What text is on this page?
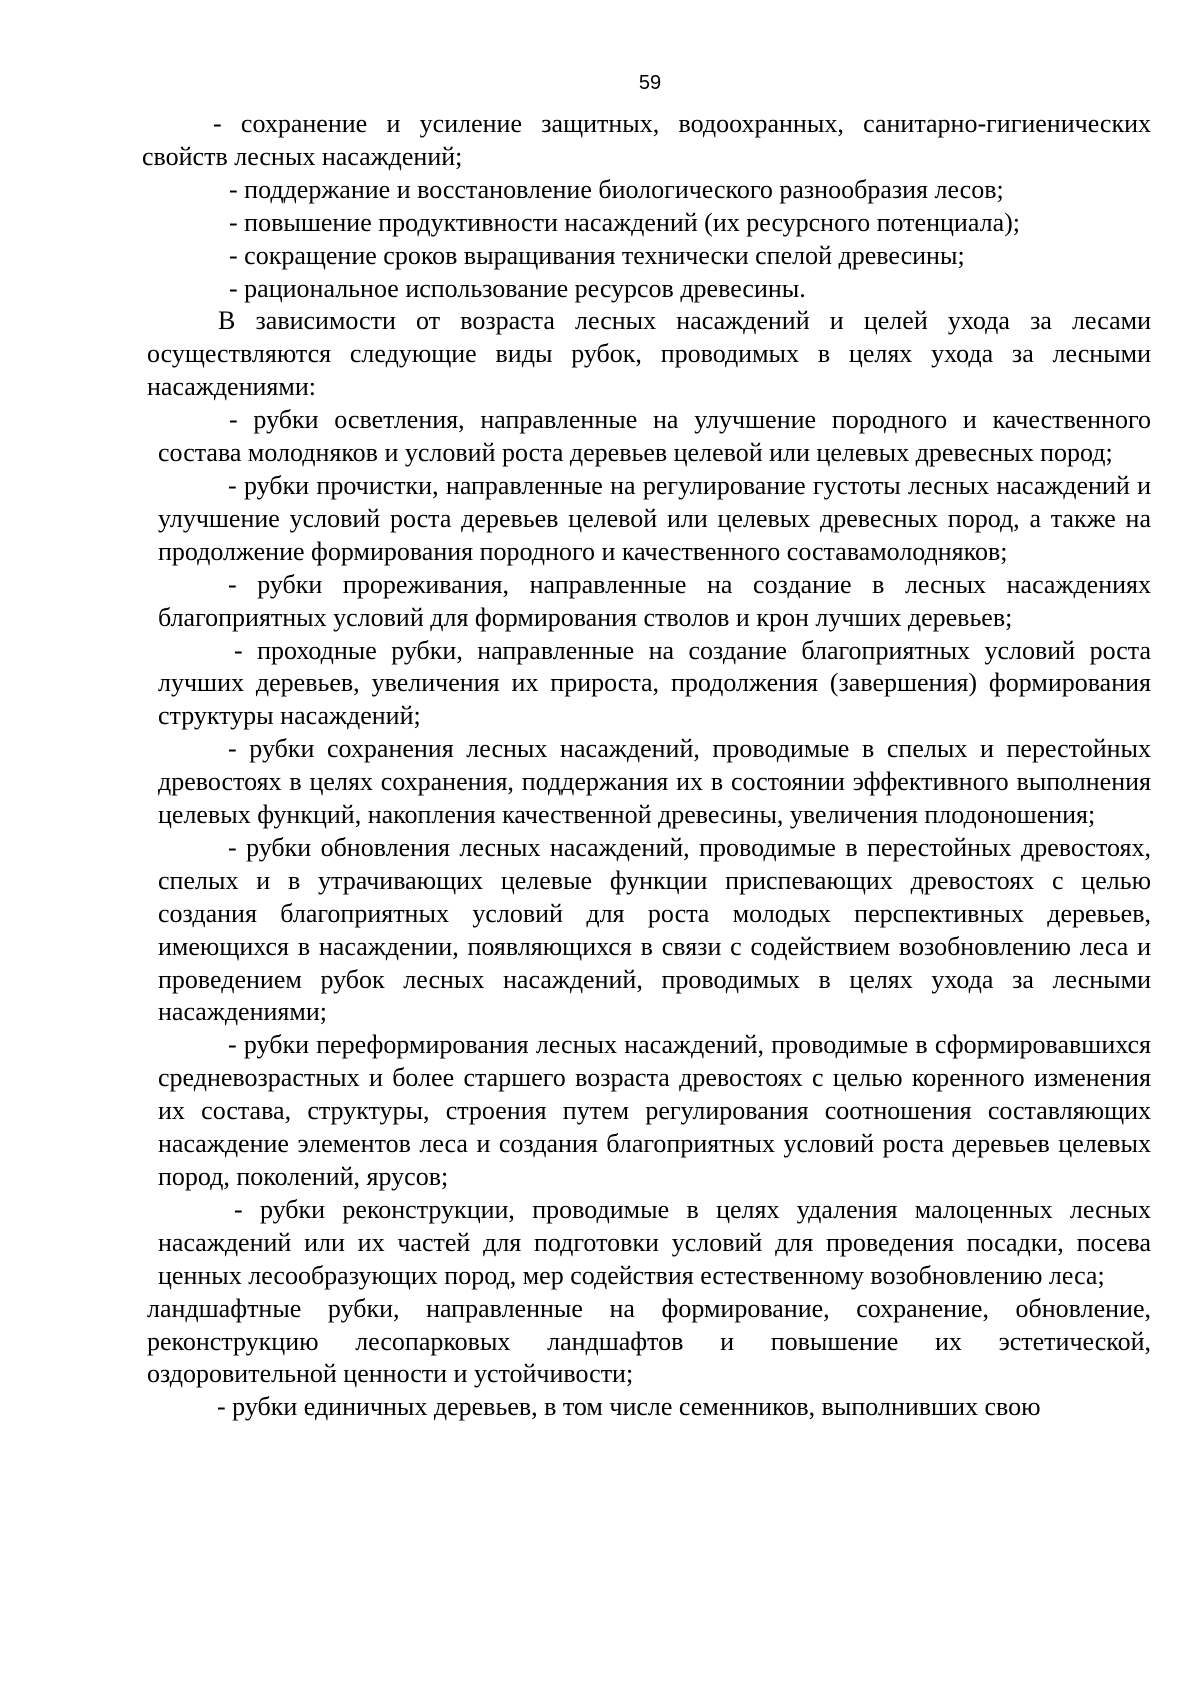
59

- сохранение и усиление защитных, водоохранных, санитарно-гигиенических свойств лесных насаждений;

- поддержание и восстановление биологического разнообразия лесов;

- повышение продуктивности насаждений (их ресурсного потенциала);

- сокращение сроков выращивания технически спелой древесины;

- рациональное использование ресурсов древесины.

В зависимости от возраста лесных насаждений и целей ухода за лесами осуществляются следующие виды рубок, проводимых в целях ухода за лесными насаждениями:

- рубки осветления, направленные на улучшение породного и качественного состава молодняков и условий роста деревьев целевой или целевых древесных пород;

- рубки прочистки, направленные на регулирование густоты лесных насаждений и улучшение условий роста деревьев целевой или целевых древесных пород, а также на продолжение формирования породного и качественного составамолодняков;

- рубки прореживания, направленные на создание в лесных насаждениях благоприятных условий для формирования стволов и крон лучших деревьев;

- проходные рубки, направленные на создание благоприятных условий роста лучших деревьев, увеличения их прироста, продолжения (завершения) формирования структуры насаждений;

- рубки сохранения лесных насаждений, проводимые в спелых и перестойных древостоях в целях сохранения, поддержания их в состоянии эффективного выполнения целевых функций, накопления качественной древесины, увеличения плодоношения;

- рубки обновления лесных насаждений, проводимые в перестойных древостоях, спелых и в утрачивающих целевые функции приспевающих древостоях с целью создания благоприятных условий для роста молодых перспективных деревьев, имеющихся в насаждении, появляющихся в связи с содействием возобновлению леса и проведением рубок лесных насаждений, проводимых в целях ухода за лесными насаждениями;

- рубки переформирования лесных насаждений, проводимые в сформировавшихся средневозрастных и более старшего возраста древостоях с целью коренного изменения их состава, структуры, строения путем регулирования соотношения составляющих насаждение элементов леса и создания благоприятных условий роста деревьев целевых пород, поколений, ярусов;

- рубки реконструкции, проводимые в целях удаления малоценных лесных насаждений или их частей для подготовки условий для проведения посадки, посева ценных лесообразующих пород, мер содействия естественному возобновлению леса;

ландшафтные рубки, направленные на формирование, сохранение, обновление, реконструкцию лесопарковых ландшафтов и повышение их эстетической, оздоровительной ценности и устойчивости;

- рубки единичных деревьев, в том числе семенников, выполнивших свою
